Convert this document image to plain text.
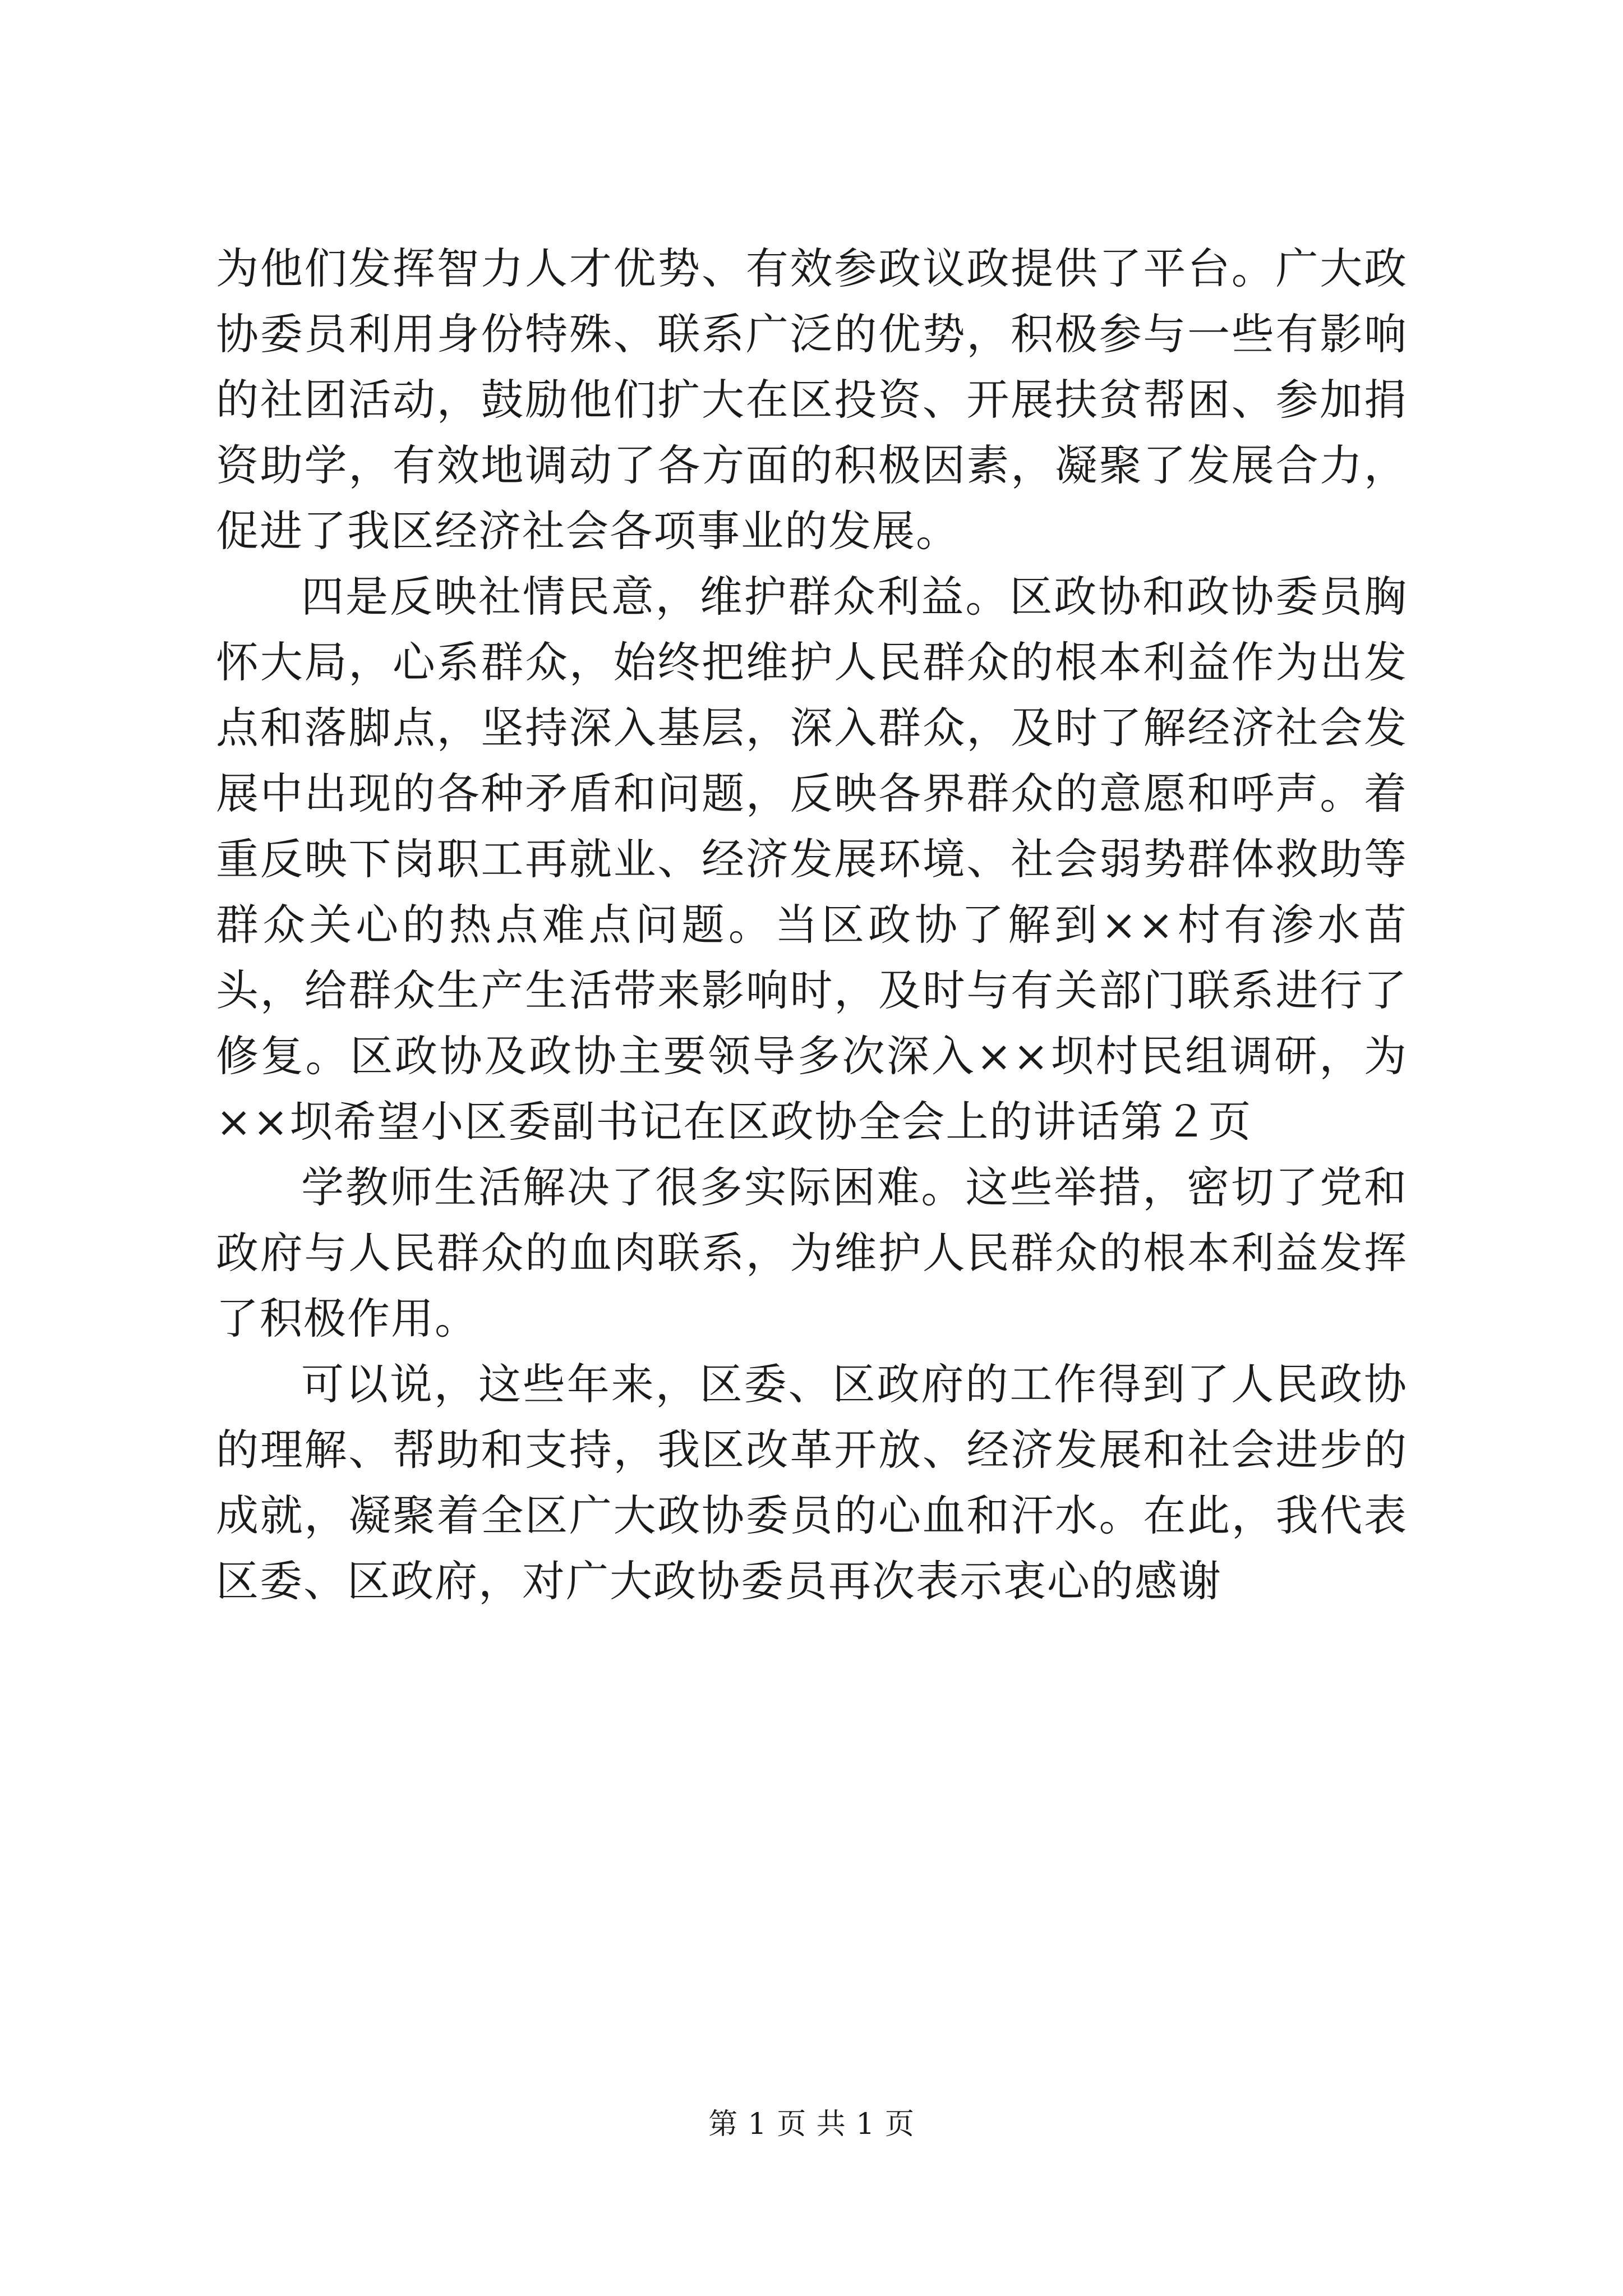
为他们发挥智力人才优势、有效参政议政提供了平台。广大政协委员利用身份特殊、联系广泛的优势，积极参与一些有影响的社团活动，鼓励他们扩大在区投资、开展扶贫帮困、参加捐资助学，有效地调动了各方面的积极因素，凝聚了发展合力，促进了我区经济社会各项事业的发展。

四是反映社情民意，维护群众利益。区政协和政协委员胸怀大局，心系群众，始终把维护人民群众的根本利益作为出发点和落脚点，坚持深入基层，深入群众，及时了解经济社会发展中出现的各种矛盾和问题，反映各界群众的意愿和呼声。着重反映下岗职工再就业、经济发展环境、社会弱势群体救助等群众关心的热点难点问题。当区政协了解到××村有渗水苗头，给群众生产生活带来影响时，及时与有关部门联系进行了修复。区政协及政协主要领导多次深入××坝村民组调研，为××坝希望小区委副书记在区政协全会上的讲话第２页

学教师生活解决了很多实际困难。这些举措，密切了党和政府与人民群众的血肉联系，为维护人民群众的根本利益发挥了积极作用。

可以说，这些年来，区委、区政府的工作得到了人民政协的理解、帮助和支持，我区改革开放、经济发展和社会进步的成就，凝聚着全区广大政协委员的心血和汗水。在此，我代表区委、区政府，对广大政协委员再次表示衷心的感谢

第 1 页 共 1 页
